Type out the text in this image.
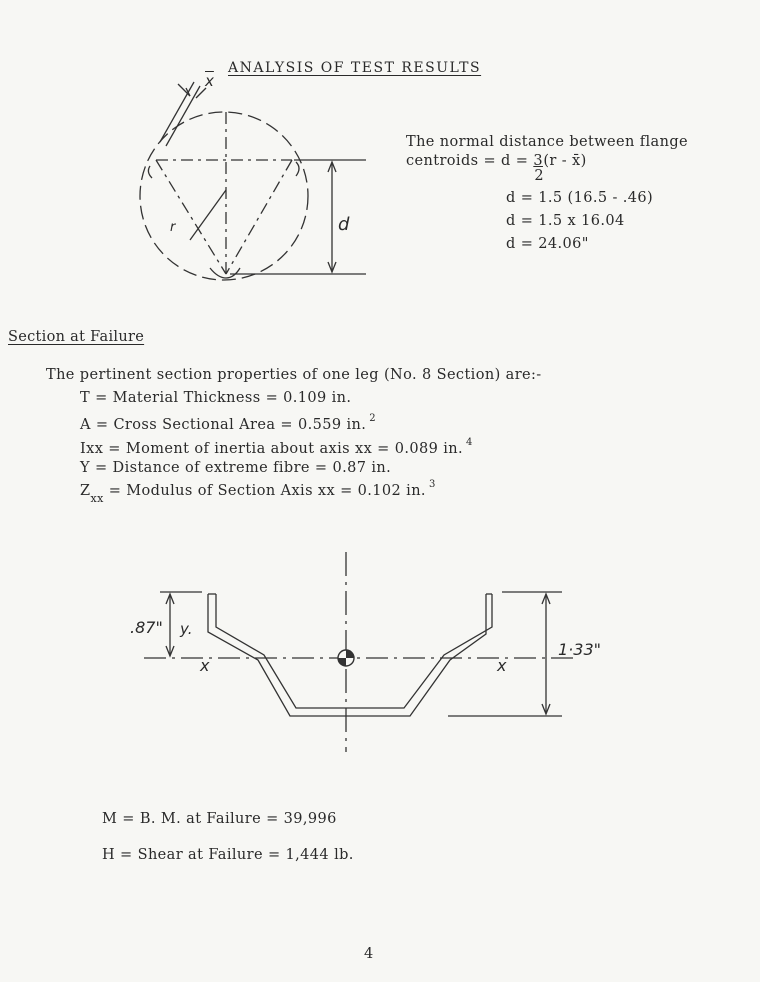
ANALYSIS OF TEST RESULTS
$\overline{x}$
r	d
The normal distance between flange
centroids = $d = \frac{3}{2} (r$ - x̄)
d = 1.5 (16.5 - .46)
d = 1.5 x 16.04
d = 24.06"
Section at Failure
The pertinent section properties of one leg (No. 8 Section) are:-
T = Material Thickness = 0.109 in.
A = Cross Sectional Area = 0.559 in. $^2$
Ixx = Moment of inertia about axis xx = 0.089 in. $^4$
Y = Distance of extreme fibre = 0.87 in.
$Z_{xx}$ = Modulus of Section Axis xx = 0.102 in. $^3$
.87" y.
x	x
1·33"
M = B. M. at Failure = 39,996
H = Shear at Failure = 1,444 lb.
4
